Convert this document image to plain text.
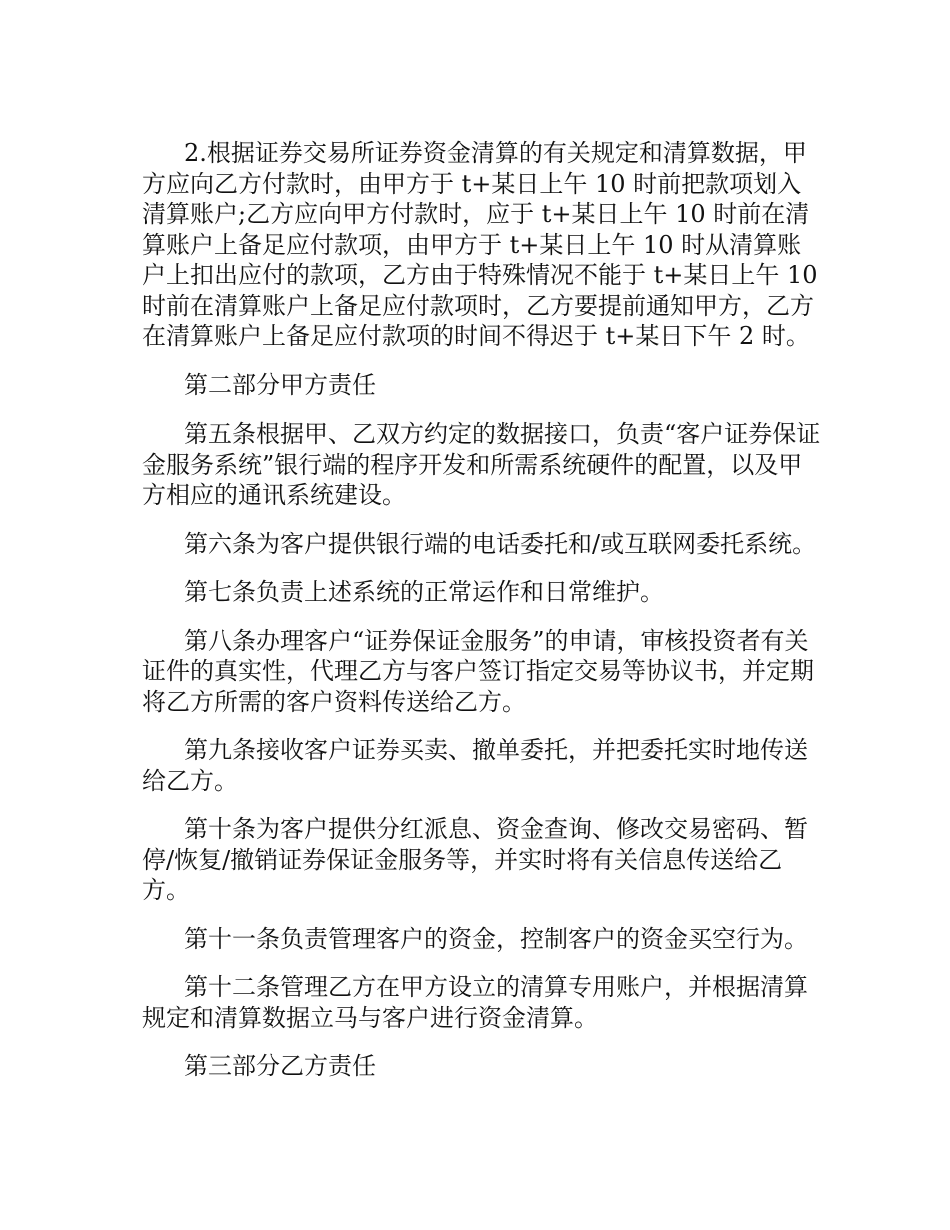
2.根据证券交易所证券资金清算的有关规定和清算数据，甲方应向乙方付款时，由甲方于 t+某日上午 10 时前把款项划入清算账户;乙方应向甲方付款时，应于 t+某日上午 10 时前在清算账户上备足应付款项，由甲方于 t+某日上午 10 时从清算账户上扣出应付的款项，乙方由于特殊情况不能于 t+某日上午 10 时前在清算账户上备足应付款项时，乙方要提前通知甲方，乙方在清算账户上备足应付款项的时间不得迟于 t+某日下午 2 时。

第二部分甲方责任

第五条根据甲、乙双方约定的数据接口，负责“客户证券保证金服务系统”银行端的程序开发和所需系统硬件的配置，以及甲方相应的通讯系统建设。

第六条为客户提供银行端的电话委托和/或互联网委托系统。

第七条负责上述系统的正常运作和日常维护。

第八条办理客户“证券保证金服务”的申请，审核投资者有关证件的真实性，代理乙方与客户签订指定交易等协议书，并定期将乙方所需的客户资料传送给乙方。

第九条接收客户证券买卖、撤单委托，并把委托实时地传送给乙方。

第十条为客户提供分红派息、资金查询、修改交易密码、暂停/恢复/撤销证券保证金服务等，并实时将有关信息传送给乙方。

第十一条负责管理客户的资金，控制客户的资金买空行为。

第十二条管理乙方在甲方设立的清算专用账户，并根据清算规定和清算数据立马与客户进行资金清算。

第三部分乙方责任
